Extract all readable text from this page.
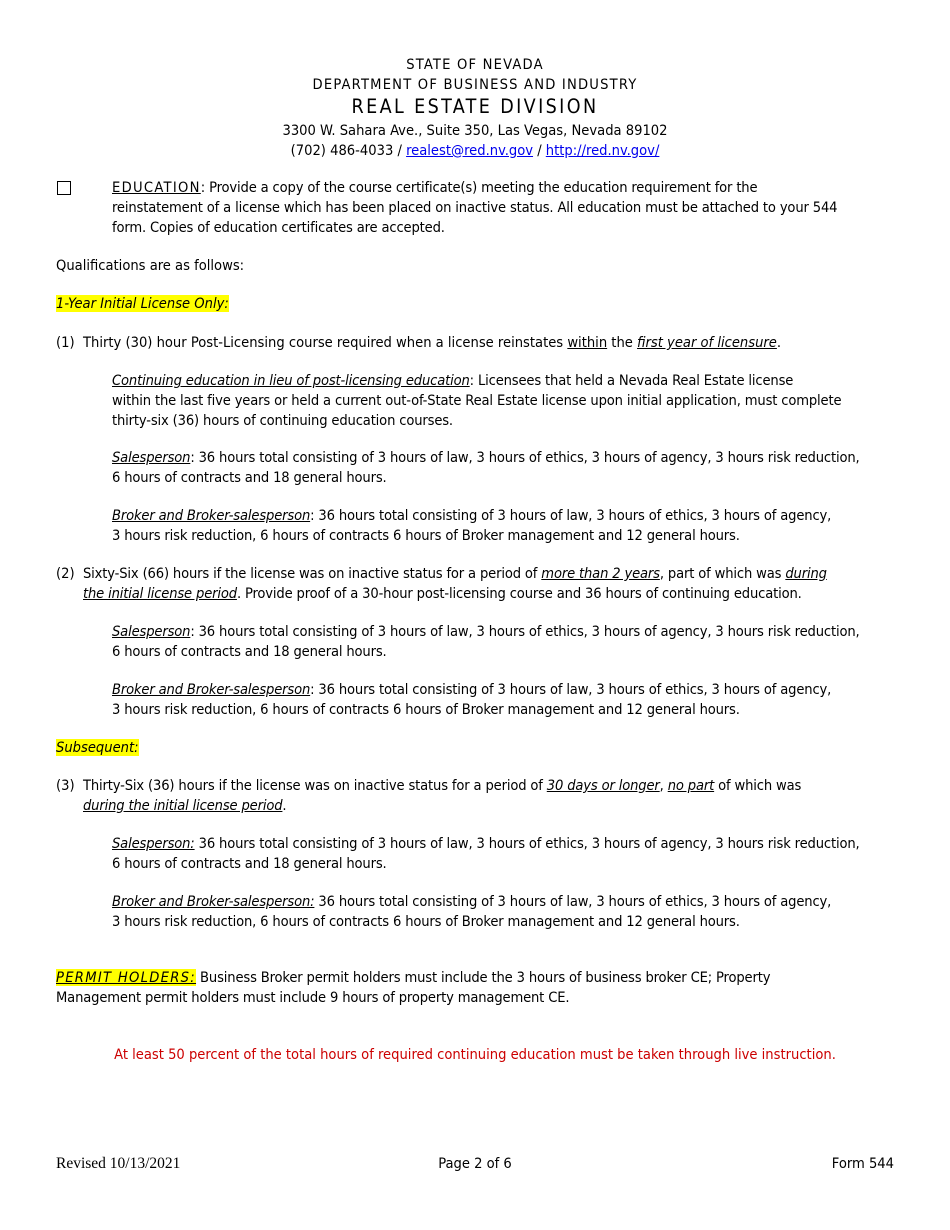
STATE OF NEVADA
DEPARTMENT OF BUSINESS AND INDUSTRY
REAL ESTATE DIVISION
3300 W. Sahara Ave., Suite 350, Las Vegas, Nevada 89102
(702) 486-4033 / realest@red.nv.gov / http://red.nv.gov/
EDUCATION: Provide a copy of the course certificate(s) meeting the education requirement for the
reinstatement of a license which has been placed on inactive status. All education must be attached to your 544
form. Copies of education certificates are accepted.
Qualifications are as follows:
1-Year Initial License Only:
(1) Thirty (30) hour Post-Licensing course required when a license reinstates within the first year of licensure.
Continuing education in lieu of post-licensing education: Licensees that held a Nevada Real Estate license
within the last five years or held a current out-of-State Real Estate license upon initial application, must complete
thirty-six (36) hours of continuing education courses.
Salesperson: 36 hours total consisting of 3 hours of law, 3 hours of ethics, 3 hours of agency, 3 hours risk reduction,
6 hours of contracts and 18 general hours.
Broker and Broker-salesperson: 36 hours total consisting of 3 hours of law, 3 hours of ethics, 3 hours of agency,
3 hours risk reduction, 6 hours of contracts 6 hours of Broker management and 12 general hours.
(2) Sixty-Six (66) hours if the license was on inactive status for a period of more than 2 years, part of which was during
the initial license period. Provide proof of a 30-hour post-licensing course and 36 hours of continuing education.
Salesperson: 36 hours total consisting of 3 hours of law, 3 hours of ethics, 3 hours of agency, 3 hours risk reduction,
6 hours of contracts and 18 general hours.
Broker and Broker-salesperson: 36 hours total consisting of 3 hours of law, 3 hours of ethics, 3 hours of agency,
3 hours risk reduction, 6 hours of contracts 6 hours of Broker management and 12 general hours.
Subsequent:
(3) Thirty-Six (36) hours if the license was on inactive status for a period of 30 days or longer, no part of which was
during the initial license period.
Salesperson: 36 hours total consisting of 3 hours of law, 3 hours of ethics, 3 hours of agency, 3 hours risk reduction,
6 hours of contracts and 18 general hours.
Broker and Broker-salesperson: 36 hours total consisting of 3 hours of law, 3 hours of ethics, 3 hours of agency,
3 hours risk reduction, 6 hours of contracts 6 hours of Broker management and 12 general hours.
PERMIT HOLDERS: Business Broker permit holders must include the 3 hours of business broker CE; Property
Management permit holders must include 9 hours of property management CE.
At least 50 percent of the total hours of required continuing education must be taken through live instruction.
Revised 10/13/2021	Page 2 of 6	Form 544
